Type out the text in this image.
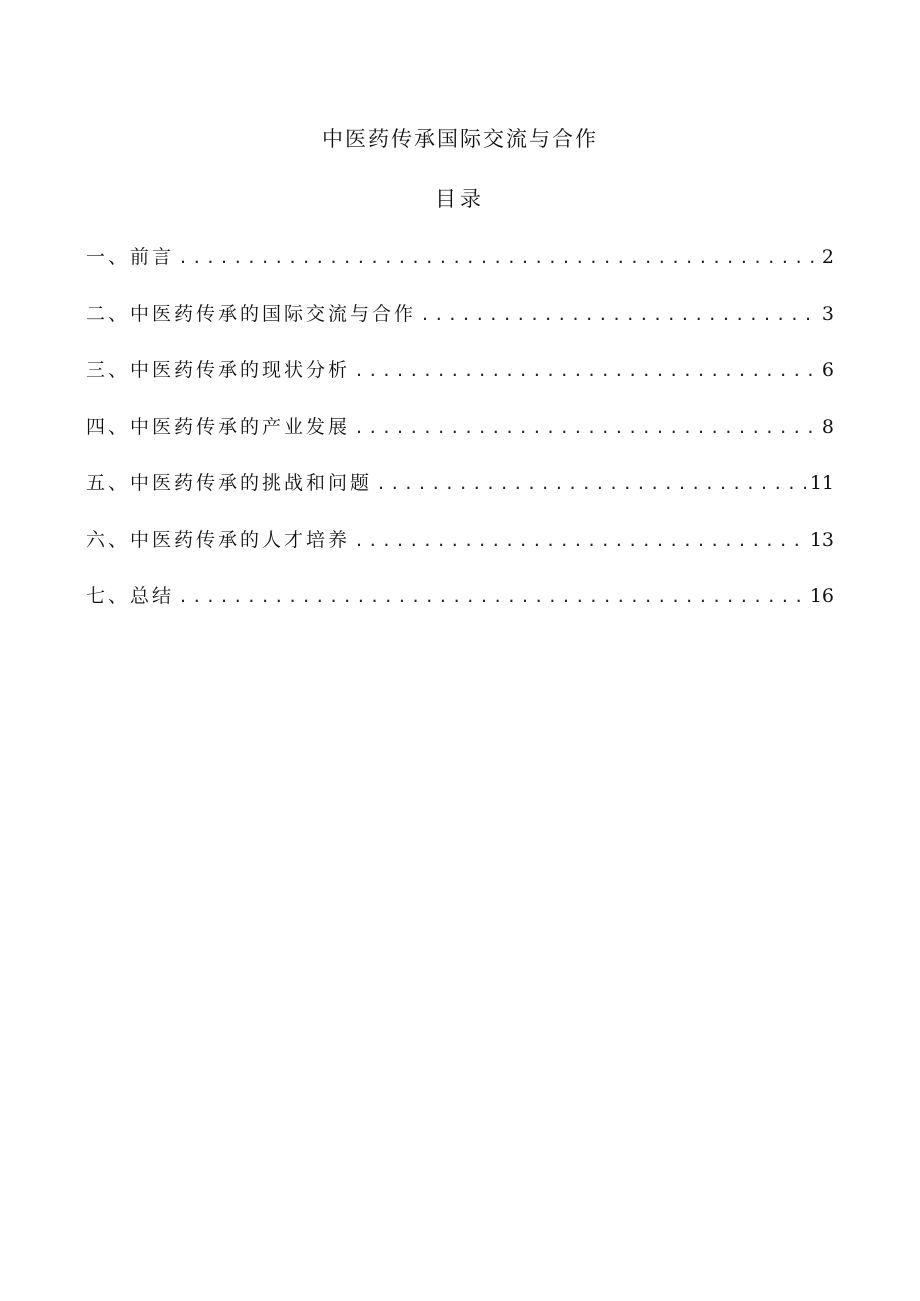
中医药传承国际交流与合作
目录
一、前言 . . .	2
二、中医药传承的国际交流与合作 . . .	3
三、中医药传承的现状分析 . . .	6
四、中医药传承的产业发展 . . .	8
五、中医药传承的挑战和问题 . . .	11
六、中医药传承的人才培养 . . .	13
七、总结 . . .	16
